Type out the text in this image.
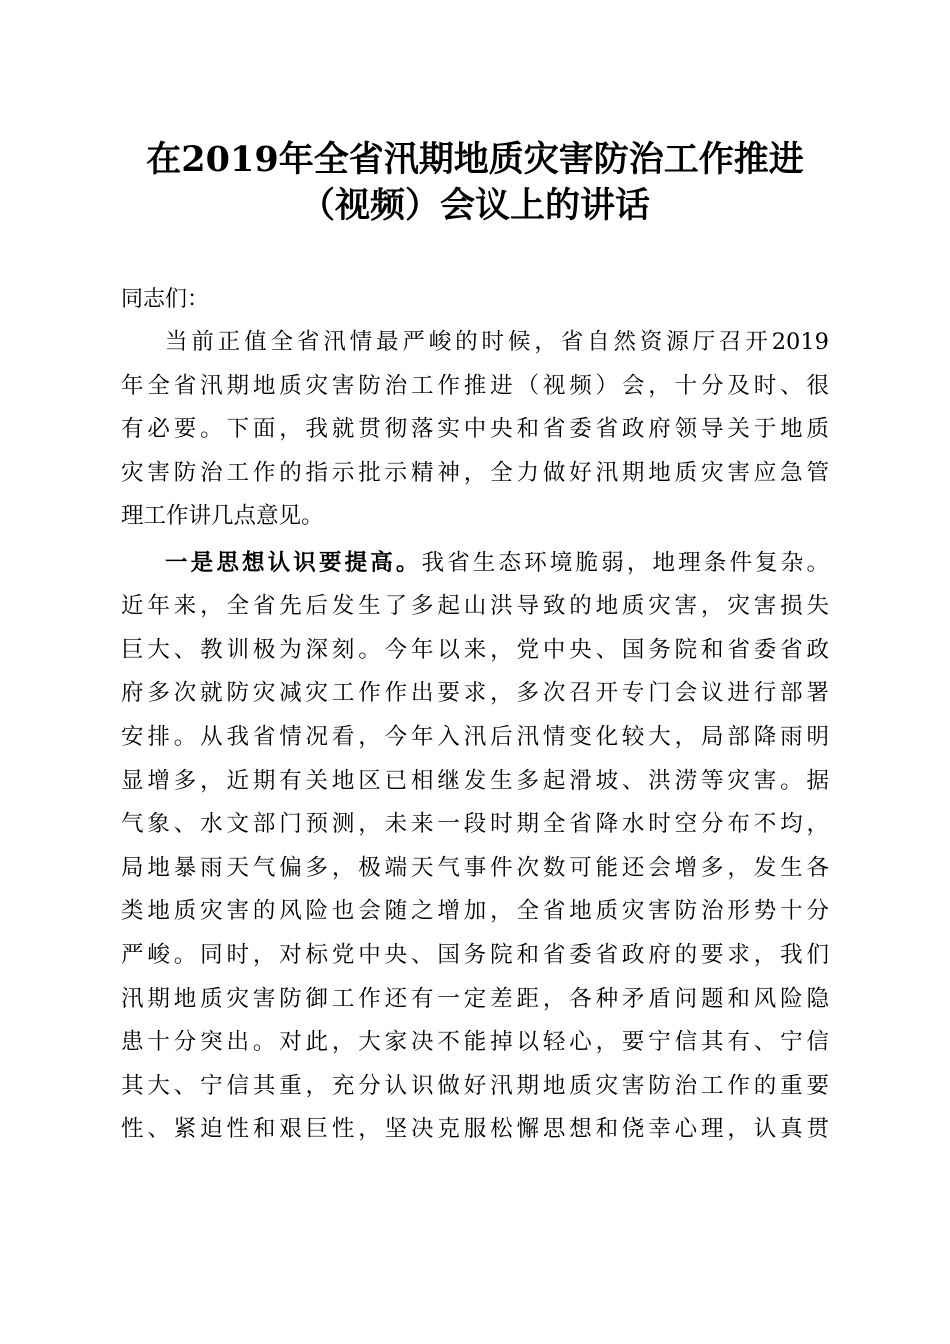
在2019年全省汛期地质灾害防治工作推进
（视频）会议上的讲话
同志们：
当前正值全省汛情最严峻的时候，省自然资源厅召开2019
年全省汛期地质灾害防治工作推进（视频）会，十分及时、很
有必要。下面，我就贯彻落实中央和省委省政府领导关于地质
灾害防治工作的指示批示精神，全力做好汛期地质灾害应急管
理工作讲几点意见。
一是思想认识要提高。我省生态环境脆弱，地理条件复杂。
近年来，全省先后发生了多起山洪导致的地质灾害，灾害损失
巨大、教训极为深刻。今年以来，党中央、国务院和省委省政
府多次就防灾减灾工作作出要求，多次召开专门会议进行部署
安排。从我省情况看，今年入汛后汛情变化较大，局部降雨明
显增多，近期有关地区已相继发生多起滑坡、洪涝等灾害。据
气象、水文部门预测，未来一段时期全省降水时空分布不均，
局地暴雨天气偏多，极端天气事件次数可能还会增多，发生各
类地质灾害的风险也会随之增加，全省地质灾害防治形势十分
严峻。同时，对标党中央、国务院和省委省政府的要求，我们
汛期地质灾害防御工作还有一定差距，各种矛盾问题和风险隐
患十分突出。对此，大家决不能掉以轻心，要宁信其有、宁信
其大、宁信其重，充分认识做好汛期地质灾害防治工作的重要
性、紧迫性和艰巨性，坚决克服松懈思想和侥幸心理，认真贯
